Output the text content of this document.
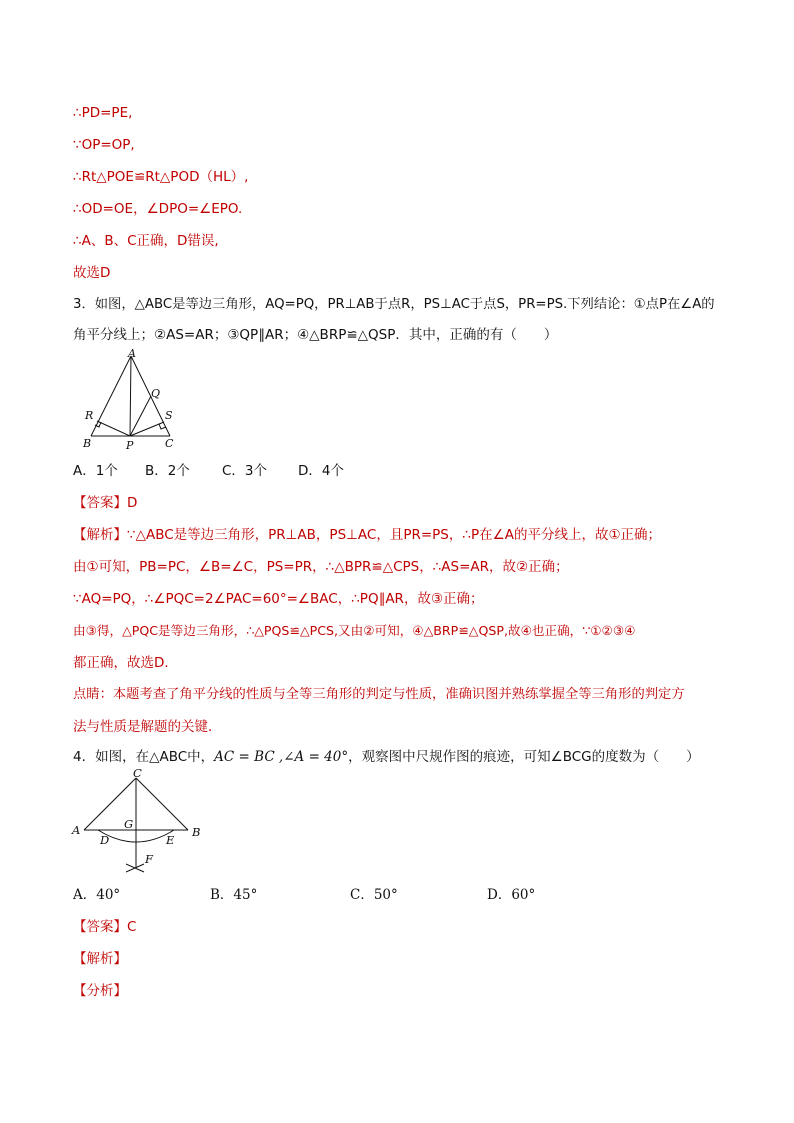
∴PD=PE,
∵OP=OP,
∴Rt△POE≌Rt△POD（HL）,
∴OD=OE，∠DPO=∠EPO.
∴A、B、C正确，D错误,
故选D
3．如图，△ABC是等边三角形，AQ=PQ，PR⊥AB于点R，PS⊥AC于点S，PR=PS.下列结论：①点P在∠A的
角平分线上；②AS=AR；③QP∥AR；④△BRP≌△QSP．其中，正确的有（　　）
A
Q
R	S
B	P	C
A．1个 B．2个 C．3个 D．4个
【答案】D
【解析】∵△ABC是等边三角形，PR⊥AB，PS⊥AC，且PR=PS，∴P在∠A的平分线上，故①正确；
由①可知，PB=PC，∠B=∠C，PS=PR，∴△BPR≌△CPS，∴AS=AR，故②正确；
∵AQ=PQ，∴∠PQC=2∠PAC=60°=∠BAC，∴PQ∥AR，故③正确；
由③得，△PQC是等边三角形，∴△PQS≌△PCS,又由②可知，④△BRP≌△QSP,故④也正确，∵①②③④
都正确，故选D．
点睛：本题考查了角平分线的性质与全等三角形的判定与性质，准确识图并熟练掌握全等三角形的判定方
法与性质是解题的关键．
4．如图，在△ABC中，AC = BC ,∠A = 40°，观察图中尺规作图的痕迹，可知∠BCG的度数为（　　）
C
A	G
B
D	E
F
A．40°	B．45°	C．50°	D．60°
【答案】C
【解析】
【分析】
